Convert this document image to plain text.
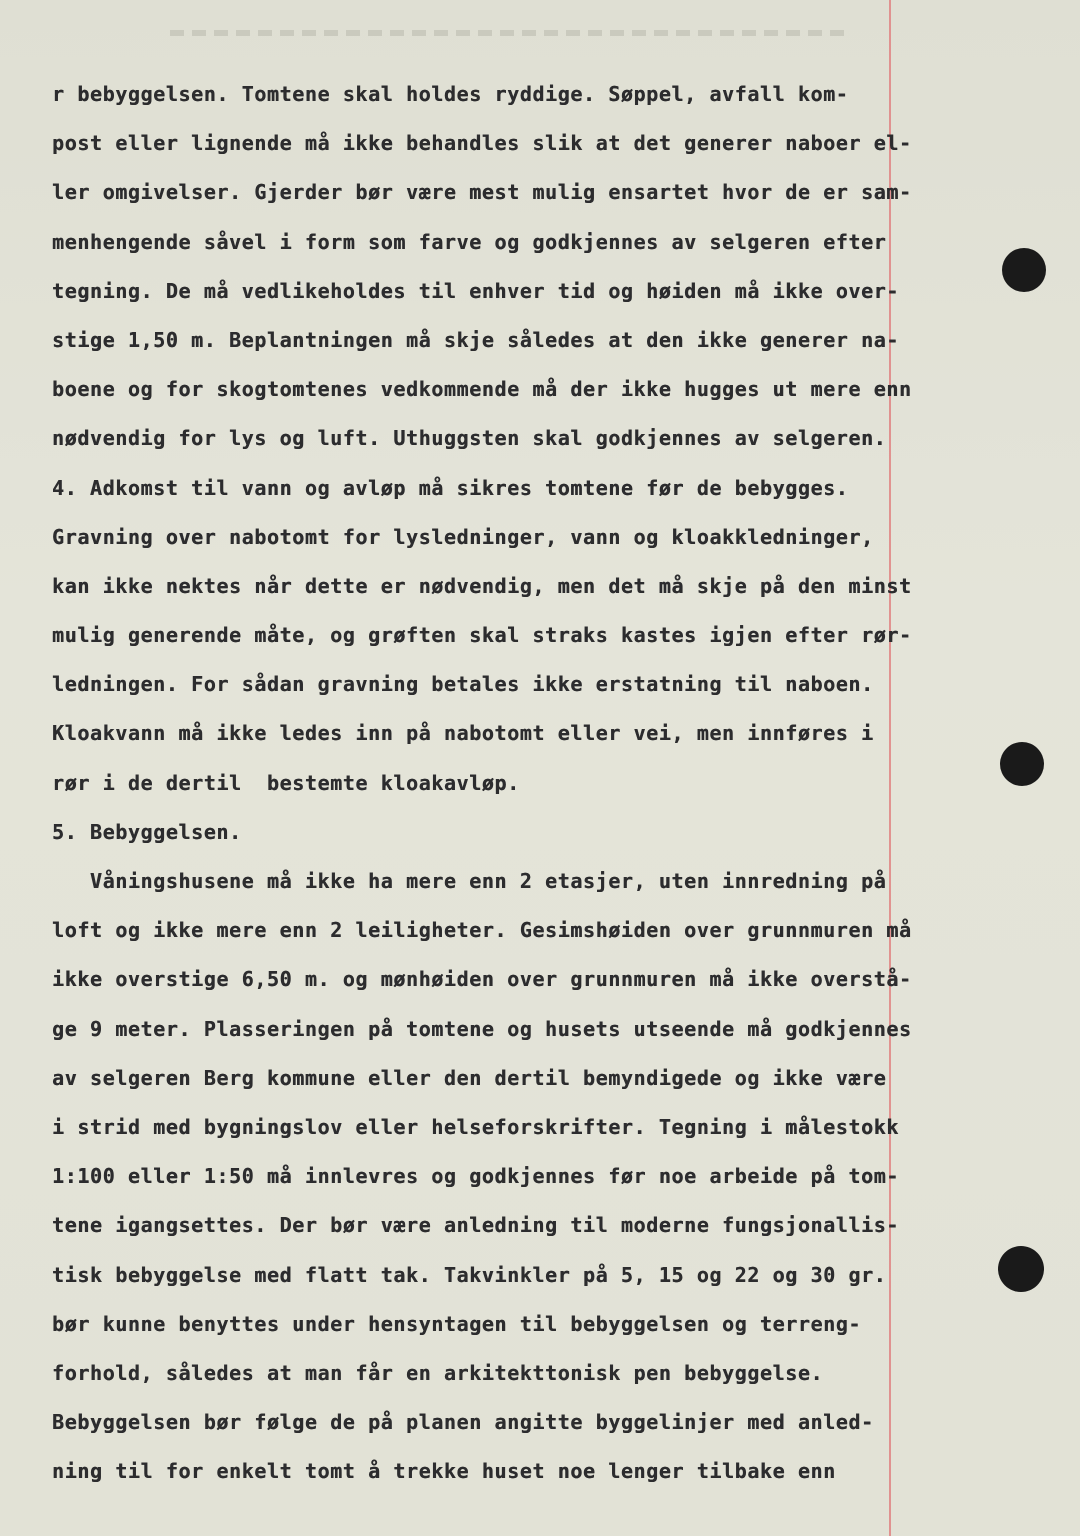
r bebyggelsen. Tomtene skal holdes ryddige. Søppel, avfall kom-
post eller lignende må ikke behandles slik at det generer naboer el-
ler omgivelser. Gjerder bør være mest mulig ensartet hvor de er sam-
menhengende såvel i form som farve og godkjennes av selgeren efter
tegning. De må vedlikeholdes til enhver tid og høiden må ikke over-
stige 1,50 m. Beplantningen må skje således at den ikke generer na-
boene og for skogtomtenes vedkommende må der ikke hugges ut mere enn
nødvendig for lys og luft. Uthuggsten skal godkjennes av selgeren.
4. Adkomst til vann og avløp må sikres tomtene før de bebygges.
Gravning over nabotomt for lysledninger, vann og kloakkledninger,
kan ikke nektes når dette er nødvendig, men det må skje på den minst
mulig generende måte, og grøften skal straks kastes igjen efter rør-
ledningen. For sådan gravning betales ikke erstatning til naboen.
Kloakvann må ikke ledes inn på nabotomt eller vei, men innføres i
rør i de dertil  bestemte kloakavløp.
5. Bebyggelsen.
Våningshusene må ikke ha mere enn 2 etasjer, uten innredning på
loft og ikke mere enn 2 leiligheter. Gesimshøiden over grunnmuren må
ikke overstige 6,50 m. og mønhøiden over grunnmuren må ikke overstå-
ge 9 meter. Plasseringen på tomtene og husets utseende må godkjennes
av selgeren Berg kommune eller den dertil bemyndigede og ikke være
i strid med bygningslov eller helseforskrifter. Tegning i målestokk
1:100 eller 1:50 må innlevres og godkjennes før noe arbeide på tom-
tene igangsettes. Der bør være anledning til moderne fungsjonallis-
tisk bebyggelse med flatt tak. Takvinkler på 5, 15 og 22 og 30 gr.
bør kunne benyttes under hensyntagen til bebyggelsen og terreng-
forhold, således at man får en arkitekttonisk pen bebyggelse.
Bebyggelsen bør følge de på planen angitte byggelinjer med anled-
ning til for enkelt tomt å trekke huset noe lenger tilbake enn
